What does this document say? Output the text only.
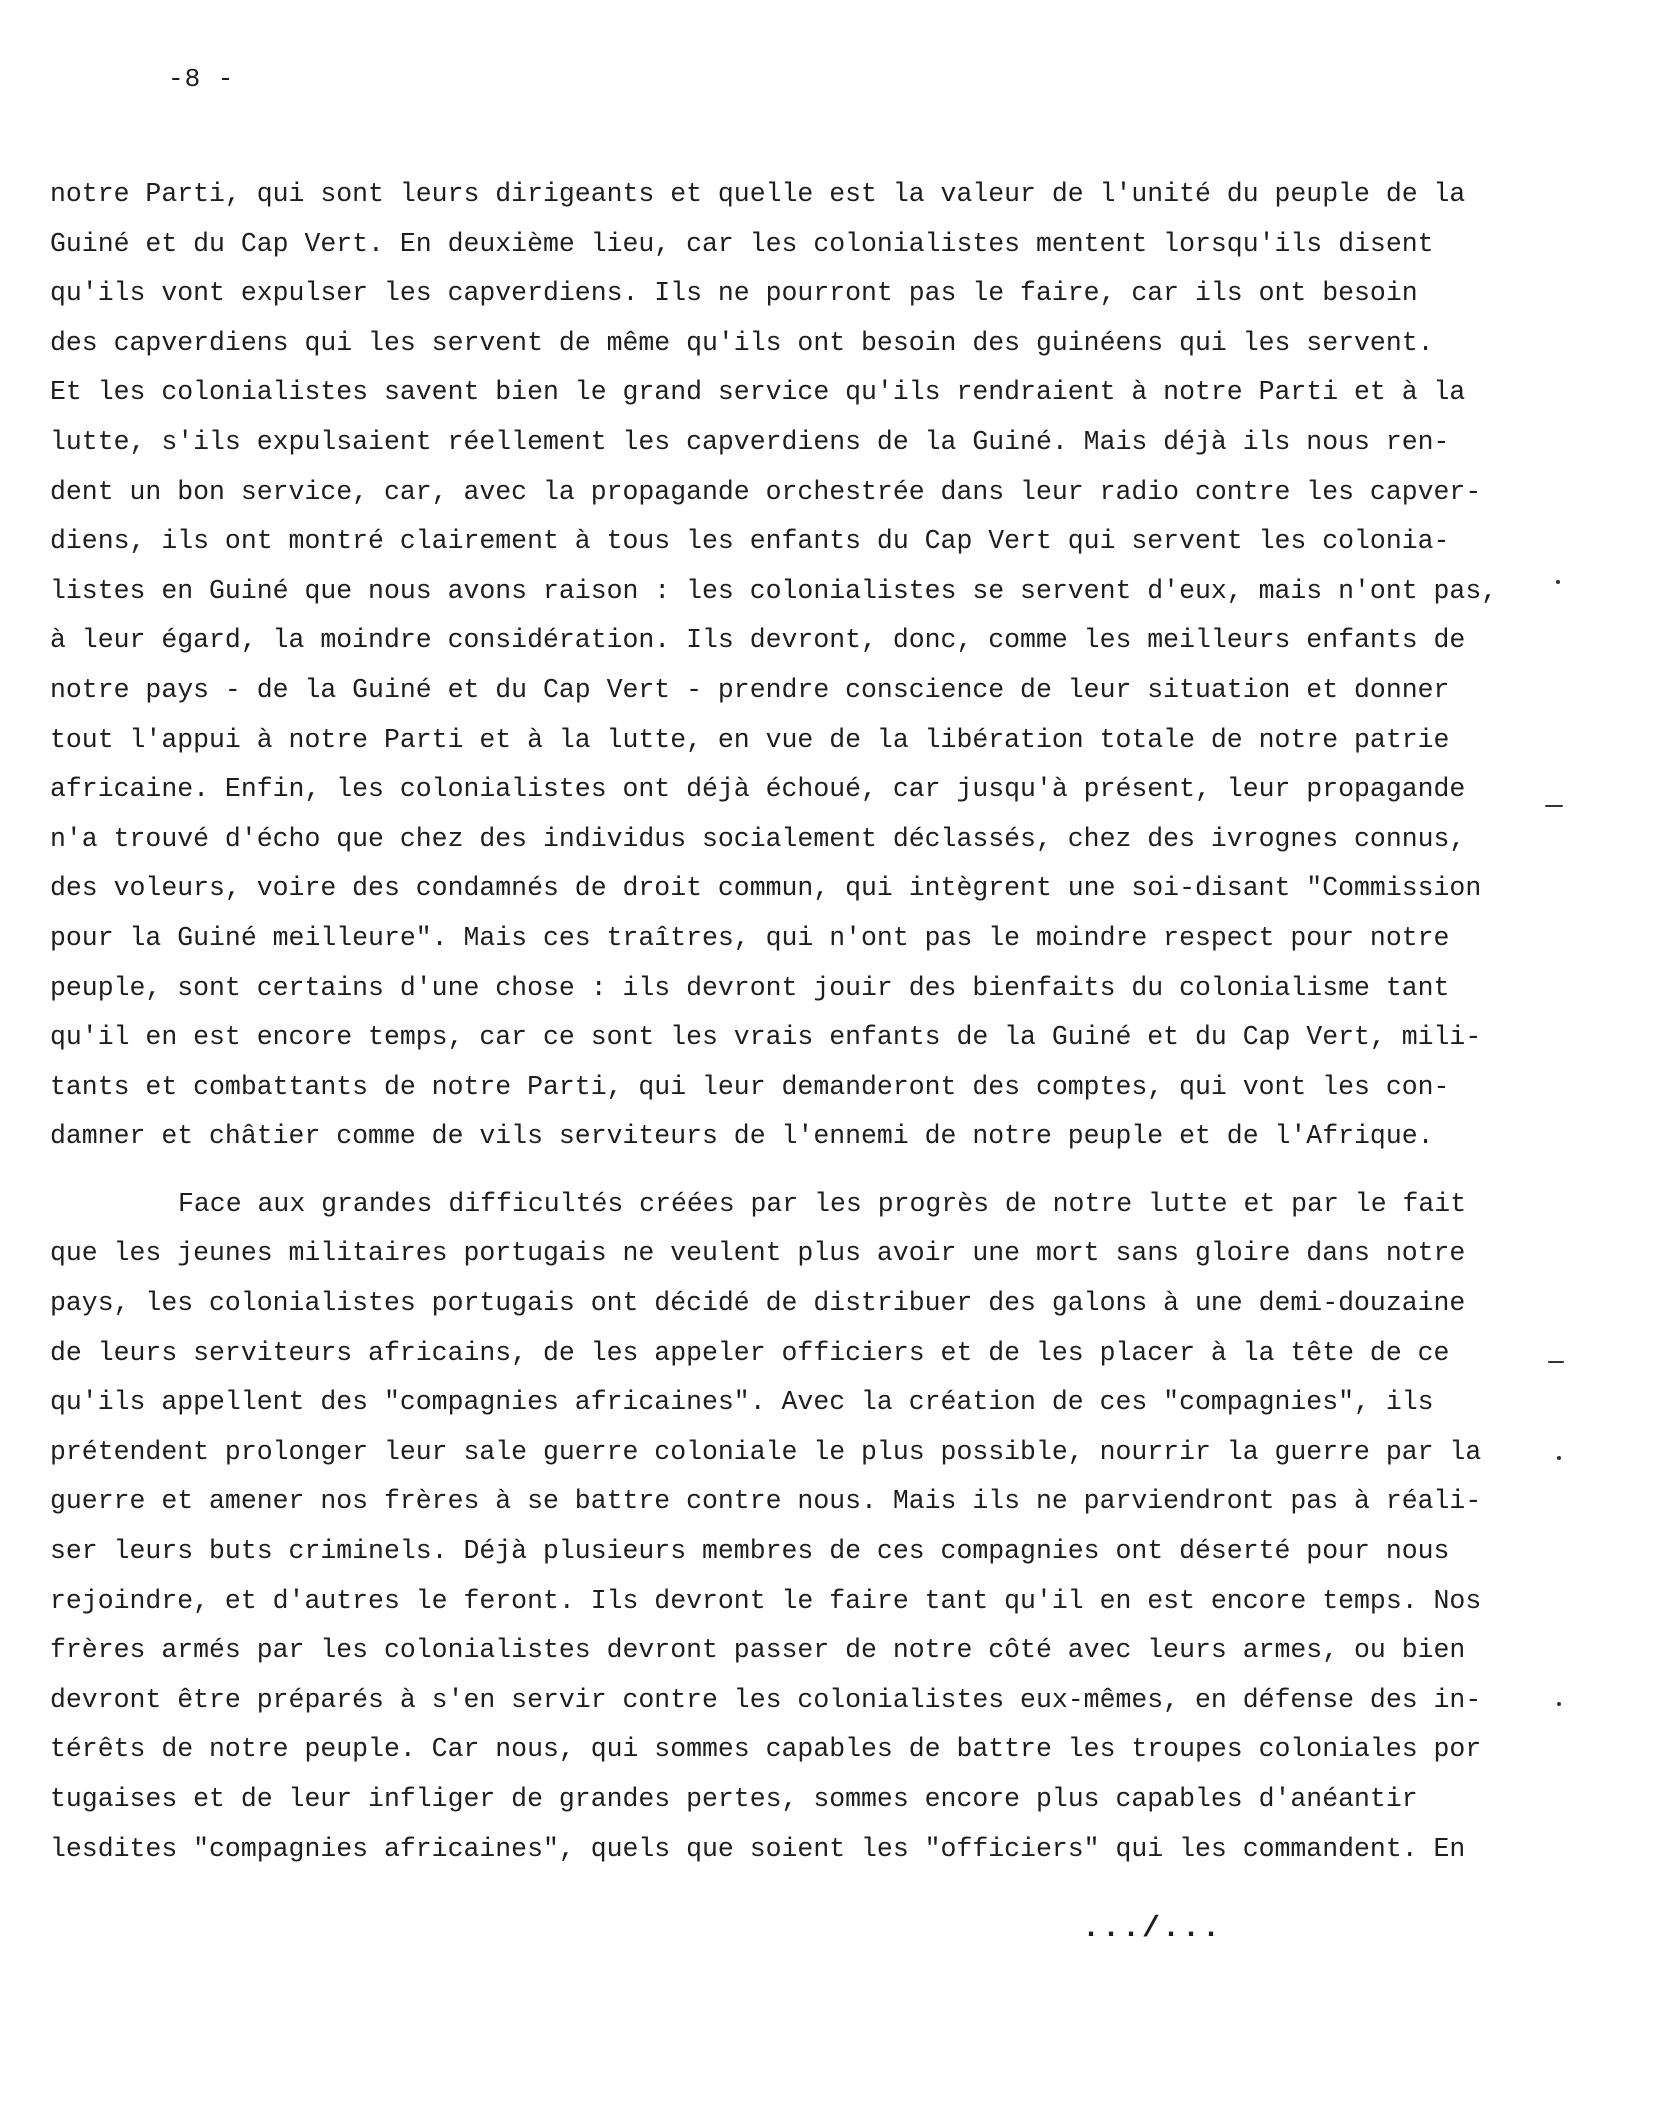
-8 -
notre Parti, qui sont leurs dirigeants et quelle est la valeur de l'unité du peuple de la
Guiné et du Cap Vert. En deuxième lieu, car les colonialistes mentent lorsqu'ils disent
qu'ils vont expulser les capverdiens. Ils ne pourront pas le faire, car ils ont besoin
des capverdiens qui les servent de même qu'ils ont besoin des guinéens qui les servent.
Et les colonialistes savent bien le grand service qu'ils rendraient à notre Parti et à la
lutte, s'ils expulsaient réellement les capverdiens de la Guiné. Mais déjà ils nous ren-
dent un bon service, car, avec la propagande orchestrée dans leur radio contre les capver-
diens, ils ont montré clairement à tous les enfants du Cap Vert qui servent les colonia-
listes en Guiné que nous avons raison : les colonialistes se servent d'eux, mais n'ont pas,
à leur égard, la moindre considération. Ils devront, donc, comme les meilleurs enfants de
notre pays - de la Guiné et du Cap Vert - prendre conscience de leur situation et donner
tout l'appui à notre Parti et à la lutte, en vue de la libération totale de notre patrie
africaine. Enfin, les colonialistes ont déjà échoué, car jusqu'à présent, leur propagande
n'a trouvé d'écho que chez des individus socialement déclassés, chez des ivrognes connus,
des voleurs, voire des condamnés de droit commun, qui intègrent une soi-disant "Commission
pour la Guiné meilleure". Mais ces traîtres, qui n'ont pas le moindre respect pour notre
peuple, sont certains d'une chose : ils devront jouir des bienfaits du colonialisme tant
qu'il en est encore temps, car ce sont les vrais enfants de la Guiné et du Cap Vert, mili-
tants et combattants de notre Parti, qui leur demanderont des comptes, qui vont les con-
damner et châtier comme de vils serviteurs de l'ennemi de notre peuple et de l'Afrique.
Face aux grandes difficultés créées par les progrès de notre lutte et par le fait
que les jeunes militaires portugais ne veulent plus avoir une mort sans gloire dans notre
pays, les colonialistes portugais ont décidé de distribuer des galons à une demi-douzaine
de leurs serviteurs africains, de les appeler officiers et de les placer à la tête de ce
qu'ils appellent des "compagnies africaines". Avec la création de ces "compagnies", ils
prétendent prolonger leur sale guerre coloniale le plus possible, nourrir la guerre par la
guerre et amener nos frères à se battre contre nous. Mais ils ne parviendront pas à réali-
ser leurs buts criminels. Déjà plusieurs membres de ces compagnies ont déserté pour nous
rejoindre, et d'autres le feront. Ils devront le faire tant qu'il en est encore temps. Nos
frères armés par les colonialistes devront passer de notre côté avec leurs armes, ou bien
devront être préparés à s'en servir contre les colonialistes eux-mêmes, en défense des in-
térêts de notre peuple. Car nous, qui sommes capables de battre les troupes coloniales por
tugaises et de leur infliger de grandes pertes, sommes encore plus capables d'anéantir
lesdites "compagnies africaines", quels que soient les "officiers" qui les commandent. En
.../...
